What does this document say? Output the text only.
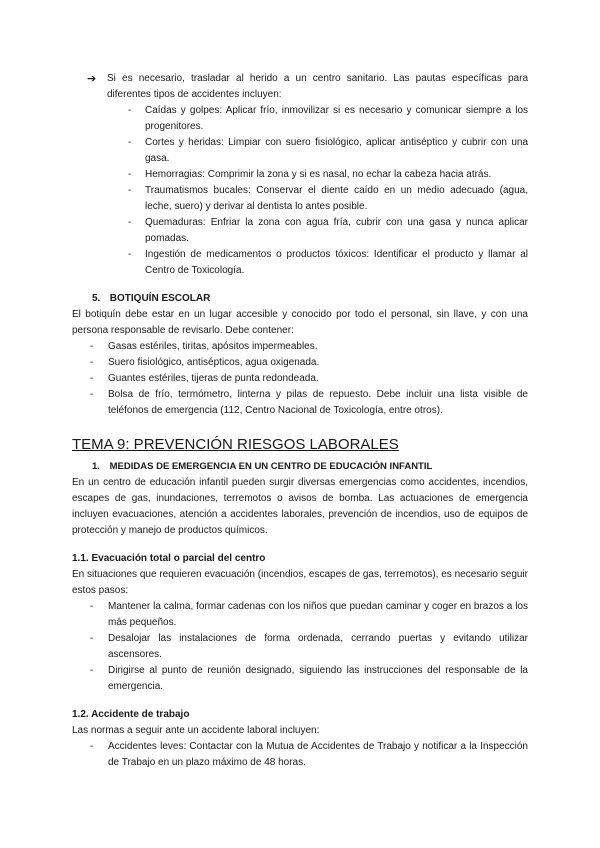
➔ Si es necesario, trasladar al herido a un centro sanitario. Las pautas específicas para diferentes tipos de accidentes incluyen:

- Caídas y golpes: Aplicar frío, inmovilizar si es necesario y comunicar siempre a los progenitores.
- Cortes y heridas: Limpiar con suero fisiológico, aplicar antiséptico y cubrir con una gasa.
- Hemorragias: Comprimir la zona y si es nasal, no echar la cabeza hacia atrás.
- Traumatismos bucales: Conservar el diente caído en un medio adecuado (agua, leche, suero) y derivar al dentista lo antes posible.
- Quemaduras: Enfriar la zona con agua fría, cubrir con una gasa y nunca aplicar pomadas.
- Ingestión de medicamentos o productos tóxicos: Identificar el producto y llamar al Centro de Toxicología.
5. BOTIQUÍN ESCOLAR

El botiquín debe estar en un lugar accesible y conocido por todo el personal, sin llave, y con una persona responsable de revisarlo. Debe contener:

- Gasas estériles, tiritas, apósitos impermeables.
- Suero fisiológico, antisépticos, agua oxigenada.
- Guantes estériles, tijeras de punta redondeada.
- Bolsa de frío, termómetro, linterna y pilas de repuesto. Debe incluir una lista visible de teléfonos de emergencia (112, Centro Nacional de Toxicología, entre otros).
TEMA 9: PREVENCIÓN RIESGOS LABORALES
1. MEDIDAS DE EMERGENCIA EN UN CENTRO DE EDUCACIÓN INFANTIL

En un centro de educación infantil pueden surgir diversas emergencias como accidentes, incendios, escapes de gas, inundaciones, terremotos o avisos de bomba. Las actuaciones de emergencia incluyen evacuaciones, atención a accidentes laborales, prevención de incendios, uso de equipos de protección y manejo de productos químicos.

1.1. Evacuación total o parcial del centro

En situaciones que requieren evacuación (incendios, escapes de gas, terremotos), es necesario seguir estos pasos:

- Mantener la calma, formar cadenas con los niños que puedan caminar y coger en brazos a los más pequeños.
- Desalojar las instalaciones de forma ordenada, cerrando puertas y evitando utilizar ascensores.
- Dirigirse al punto de reunión designado, siguiendo las instrucciones del responsable de la emergencia.
1.2. Accidente de trabajo

Las normas a seguir ante un accidente laboral incluyen:

- Accidentes leves: Contactar con la Mutua de Accidentes de Trabajo y notificar a la Inspección de Trabajo en un plazo máximo de 48 horas.
